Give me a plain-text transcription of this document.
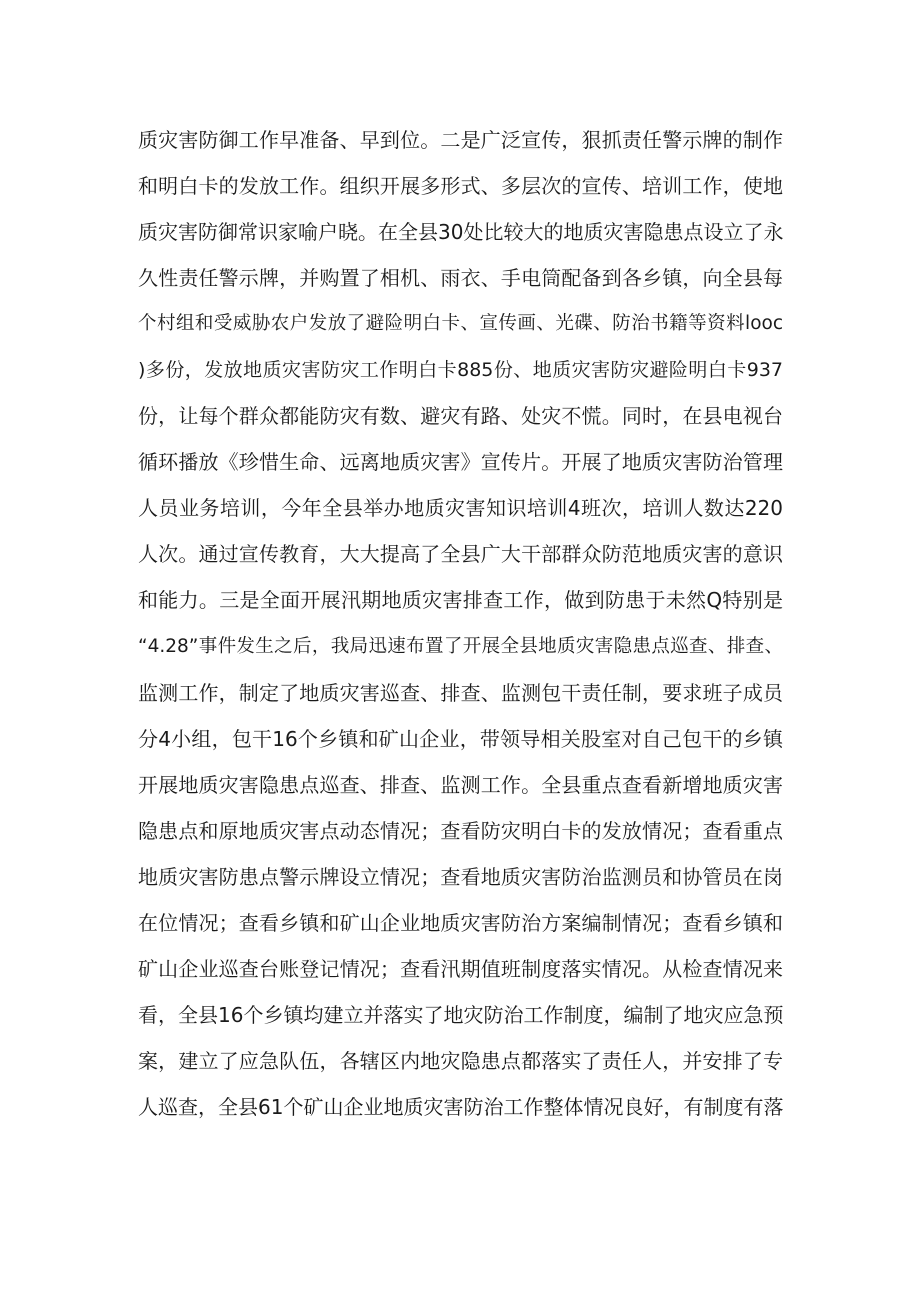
质灾害防御工作早准备、早到位。二是广泛宣传，狠抓责任警示牌的制作
和明白卡的发放工作。组织开展多形式、多层次的宣传、培训工作，使地
质灾害防御常识家喻户晓。在全县30处比较大的地质灾害隐患点设立了永
久性责任警示牌，并购置了相机、雨衣、手电筒配备到各乡镇，向全县每
个村组和受威胁农户发放了避险明白卡、宣传画、光碟、防治书籍等资料looc
)多份，发放地质灾害防灾工作明白卡885份、地质灾害防灾避险明白卡937
份，让每个群众都能防灾有数、避灾有路、处灾不慌。同时，在县电视台
循环播放《珍惜生命、远离地质灾害》宣传片。开展了地质灾害防治管理
人员业务培训，今年全县举办地质灾害知识培训4班次，培训人数达220
人次。通过宣传教育，大大提高了全县广大干部群众防范地质灾害的意识
和能力。三是全面开展汛期地质灾害排查工作，做到防患于未然Q特别是
“4.28”事件发生之后，我局迅速布置了开展全县地质灾害隐患点巡查、排查、
监测工作，制定了地质灾害巡查、排查、监测包干责任制，要求班子成员
分4小组，包干16个乡镇和矿山企业，带领导相关股室对自己包干的乡镇
开展地质灾害隐患点巡查、排查、监测工作。全县重点查看新增地质灾害
隐患点和原地质灾害点动态情况；查看防灾明白卡的发放情况；查看重点
地质灾害防患点警示牌设立情况；查看地质灾害防治监测员和协管员在岗
在位情况；查看乡镇和矿山企业地质灾害防治方案编制情况；查看乡镇和
矿山企业巡查台账登记情况；查看汛期值班制度落实情况。从检查情况来
看，全县16个乡镇均建立并落实了地灾防治工作制度，编制了地灾应急预
案，建立了应急队伍，各辖区内地灾隐患点都落实了责任人，并安排了专
人巡查，全县61个矿山企业地质灾害防治工作整体情况良好，有制度有落
